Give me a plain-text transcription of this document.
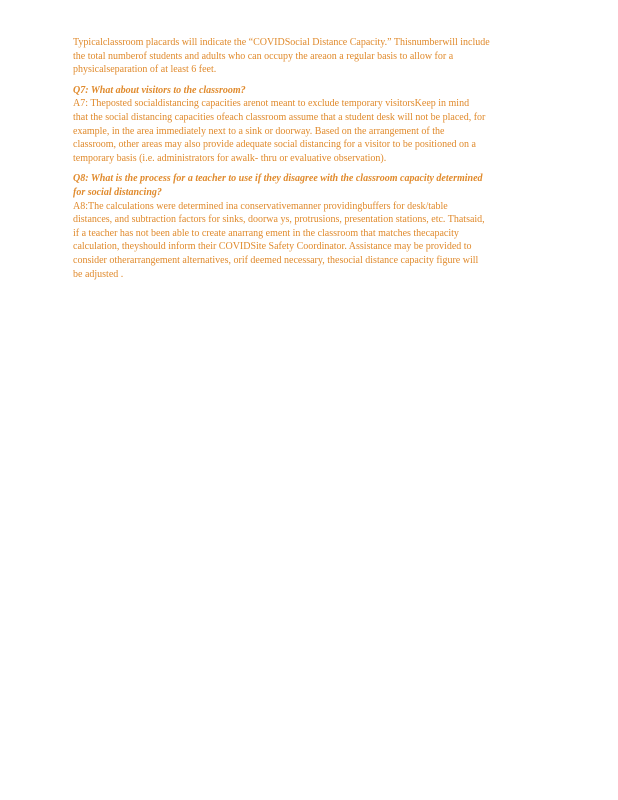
Typicalclassroom placards will indicate the “COVIDSocial Distance Capacity.” Thisnumberwill include
the total numberof students and adults who can occupy the areaon a regular basis to allow for a
physicalseparation of at least 6 feet.
Q7: What about visitors to the classroom?
A7: Theposted socialdistancing capacities arenot meant to exclude temporary visitorsKeep in mind
that the social distancing capacities ofeach classroom assume that a student desk will not be placed, for
example, in the area immediately next to a sink or doorway. Based on the arrangement of the
classroom, other areas may also provide adequate social distancing for a visitor to be positioned on a
temporary basis (i.e. administrators for awalk- thru or evaluative observation).
Q8: What is the process for a teacher to use if they disagree with the classroom capacity determined
for social distancing?
A8:The calculations were determined ina conservativemanner providingbuffers for desk/table
distances, and subtraction factors for sinks, doorwa ys, protrusions, presentation stations, etc. Thatsaid,
if a teacher has not been able to create anarrang ement in the classroom that matches thecapacity
calculation, theyshould inform their COVIDSite Safety Coordinator. Assistance may be provided to
consider otherarrangement alternatives, orif deemed necessary, thesocial distance capacity figure will
be adjusted .
